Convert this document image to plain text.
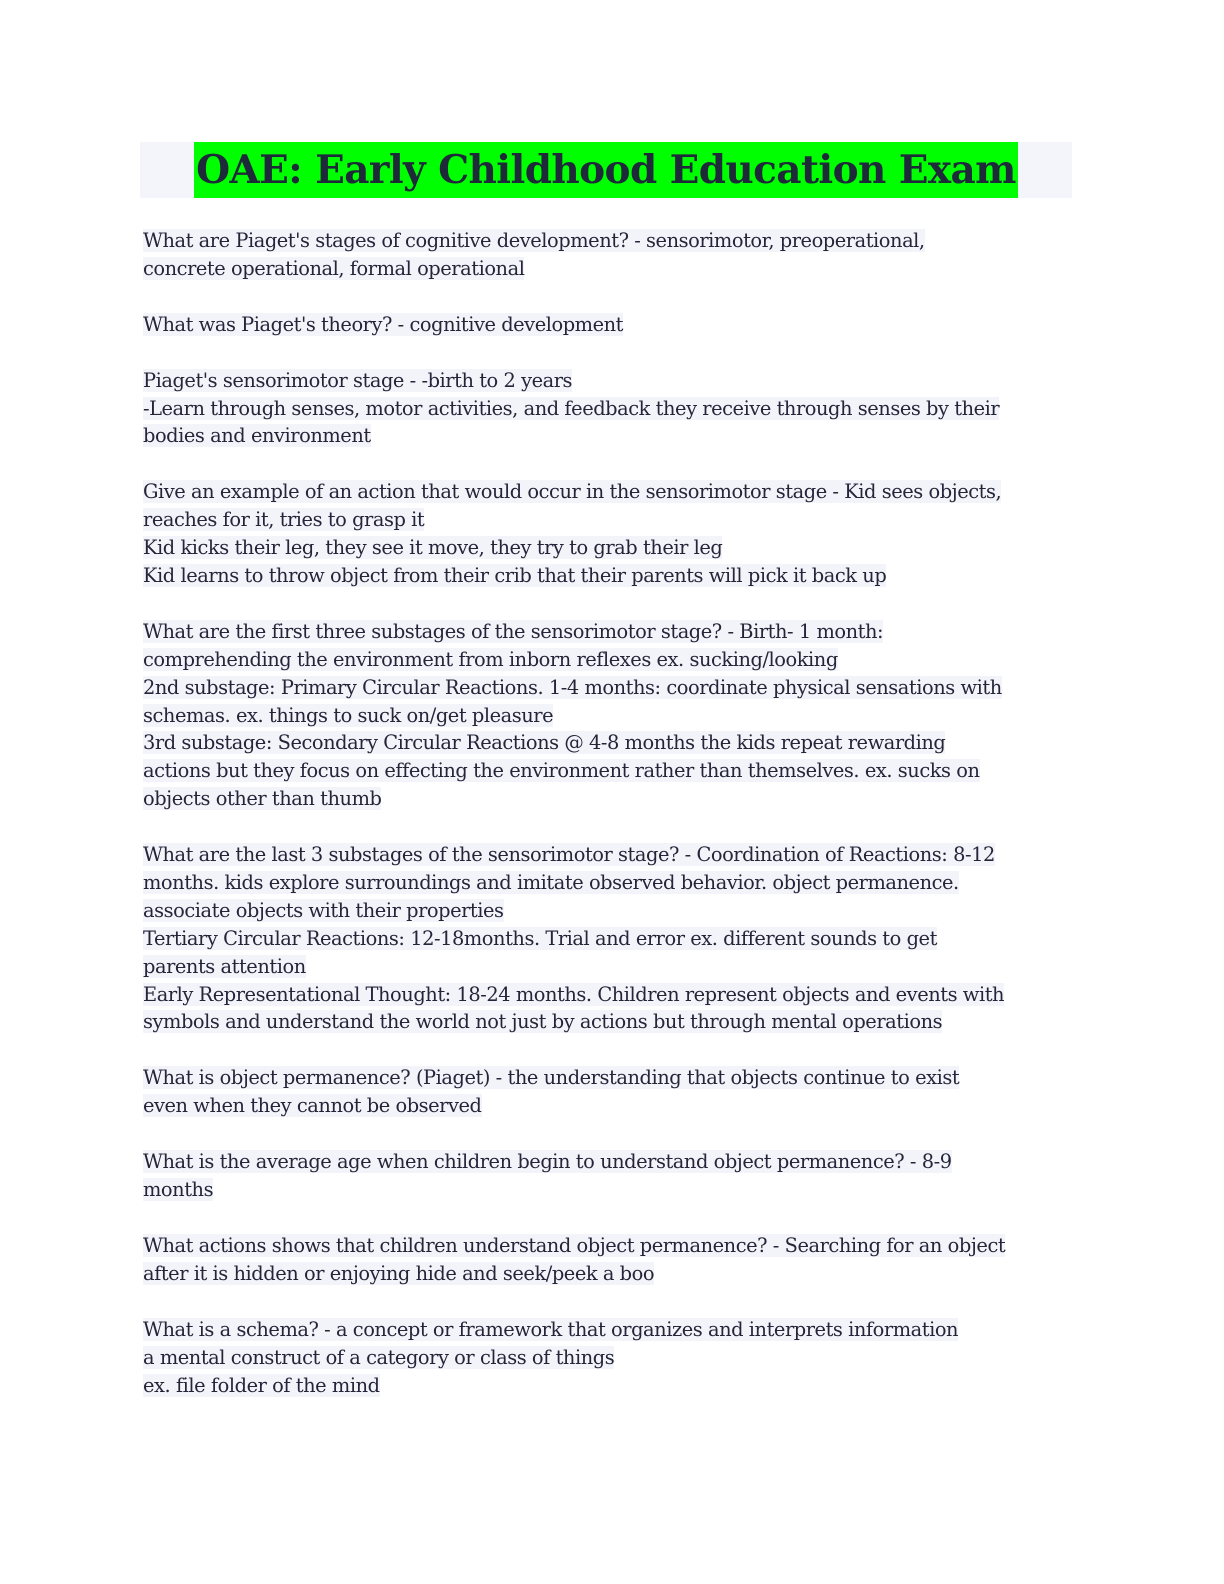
OAE: Early Childhood Education Exam
What are Piaget's stages of cognitive development? - sensorimotor, preoperational,
concrete operational, formal operational
What was Piaget's theory? - cognitive development
Piaget's sensorimotor stage - -birth to 2 years
-Learn through senses, motor activities, and feedback they receive through senses by their
bodies and environment
Give an example of an action that would occur in the sensorimotor stage - Kid sees objects,
reaches for it, tries to grasp it
Kid kicks their leg, they see it move, they try to grab their leg
Kid learns to throw object from their crib that their parents will pick it back up
What are the first three substages of the sensorimotor stage? - Birth- 1 month:
comprehending the environment from inborn reflexes ex. sucking/looking
2nd substage: Primary Circular Reactions. 1-4 months: coordinate physical sensations with
schemas. ex. things to suck on/get pleasure
3rd substage: Secondary Circular Reactions @ 4-8 months the kids repeat rewarding
actions but they focus on effecting the environment rather than themselves. ex. sucks on
objects other than thumb
What are the last 3 substages of the sensorimotor stage? - Coordination of Reactions: 8-12
months. kids explore surroundings and imitate observed behavior. object permanence.
associate objects with their properties
Tertiary Circular Reactions: 12-18months. Trial and error ex. different sounds to get
parents attention
Early Representational Thought: 18-24 months. Children represent objects and events with
symbols and understand the world not just by actions but through mental operations
What is object permanence? (Piaget) - the understanding that objects continue to exist
even when they cannot be observed
What is the average age when children begin to understand object permanence? - 8-9
months
What actions shows that children understand object permanence? - Searching for an object
after it is hidden or enjoying hide and seek/peek a boo
What is a schema? - a concept or framework that organizes and interprets information
a mental construct of a category or class of things
ex. file folder of the mind
